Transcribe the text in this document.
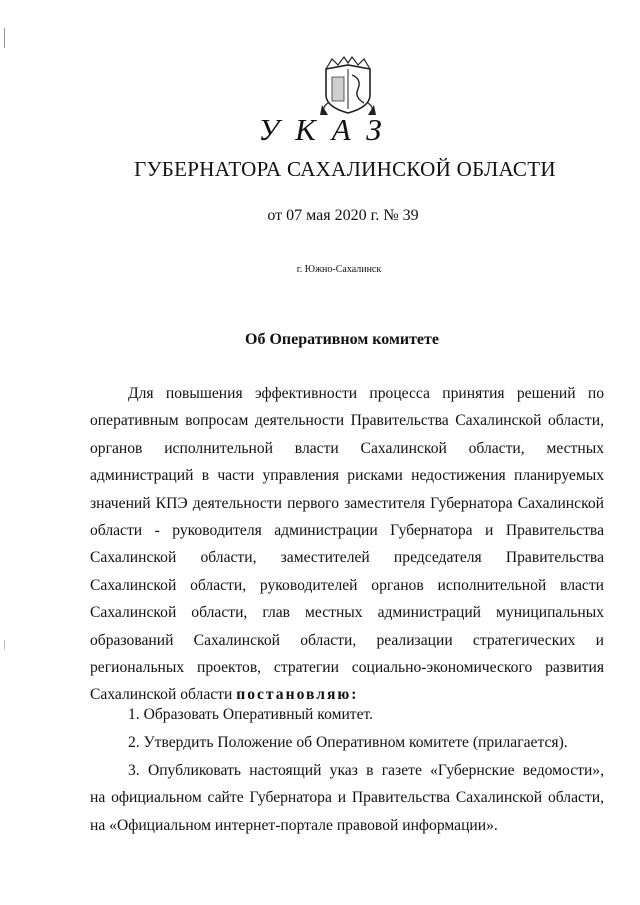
УКАЗ
ГУБЕРНАТОРА САХАЛИНСКОЙ ОБЛАСТИ
от 07 мая 2020 г. № 39
г. Южно-Сахалинск
Об Оперативном комитете
Для повышения эффективности процесса принятия решений по
оперативным вопросам деятельности Правительства Сахалинской области,
органов исполнительной власти Сахалинской области, местных
администраций в части управления рисками недостижения планируемых
значений КПЭ деятельности первого заместителя Губернатора Сахалинской
области - руководителя администрации Губернатора и Правительства
Сахалинской области, заместителей председателя Правительства
Сахалинской области, руководителей органов исполнительной власти
Сахалинской области, глав местных администраций муниципальных
образований Сахалинской области, реализации стратегических и
региональных проектов, стратегии социально-экономического развития
Сахалинской области постановляю:
1. Образовать Оперативный комитет.
2. Утвердить Положение об Оперативном комитете (прилагается).
3. Опубликовать настоящий указ в газете «Губернские ведомости»,
на официальном сайте Губернатора и Правительства Сахалинской области,
на «Официальном интернет-портале правовой информации».
